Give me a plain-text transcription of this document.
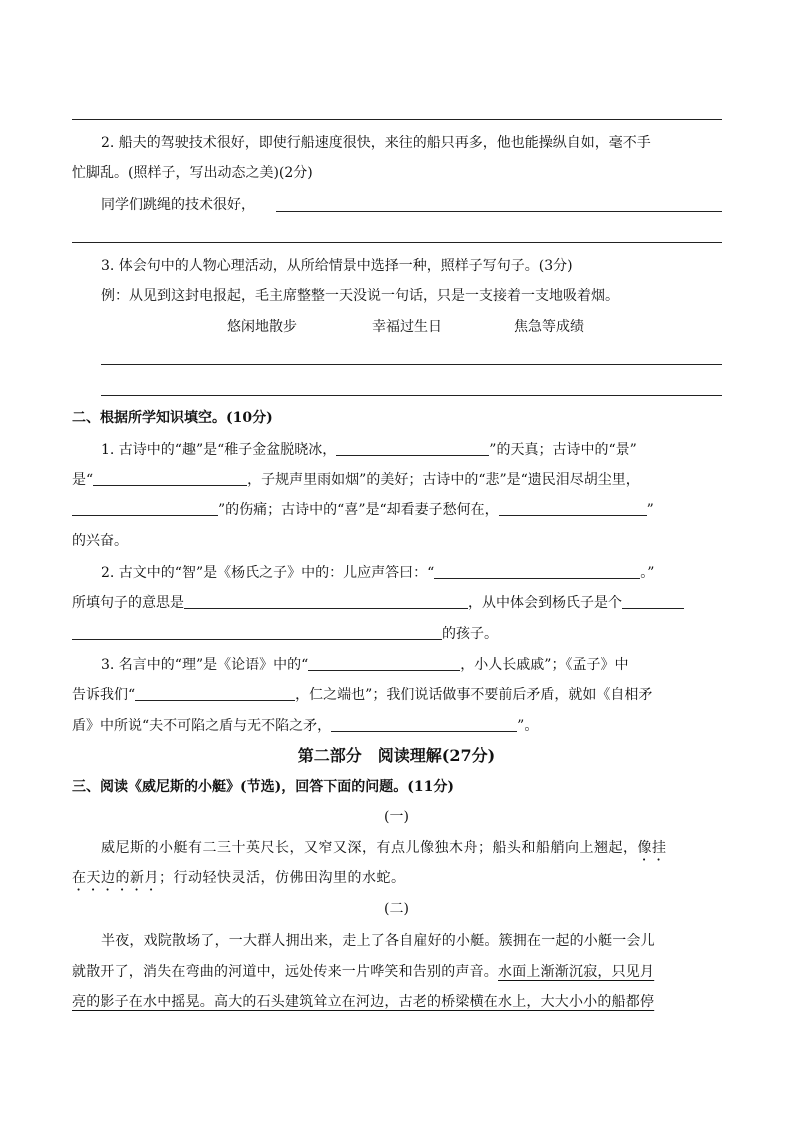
2. 船夫的驾驶技术很好，即使行船速度很快，来往的船只再多，他也能操纵自如，毫不手
忙脚乱。(照样子，写出动态之美)(2分)
同学们跳绳的技术很好，
3. 体会句中的人物心理活动，从所给情景中选择一种，照样子写句子。(3分)
例：从见到这封电报起，毛主席整整一天没说一句话，只是一支接着一支地吸着烟。
悠闲地散步	幸福过生日	焦急等成绩
二、根据所学知识填空。(10分)
1. 古诗中的“趣”是“稚子金盆脱晓冰，	”的天真；古诗中的“景”
是“	，子规声里雨如烟”的美好；古诗中的“悲”是“遗民泪尽胡尘里，
”的伤痛；古诗中的“喜”是“却看妻子愁何在，	”
的兴奋。
2. 古文中的“智”是《杨氏之子》中的：儿应声答曰：“	。”
所填句子的意思是	，从中体会到杨氏子是个
的孩子。
3. 名言中的“理”是《论语》中的“	，小人长戚戚”；《孟子》中
告诉我们“	，仁之端也”；我们说话做事不要前后矛盾，就如《自相矛
盾》中所说“夫不可陷之盾与无不陷之矛，	”。
第二部分　阅读理解(27分)
三、阅读《威尼斯的小艇》(节选)，回答下面的问题。(11分)
(一)
威尼斯的小艇有二三十英尺长，又窄又深，有点儿像独木舟；船头和船艄向上翘起，像挂
在天边的新月；行动轻快灵活，仿佛田沟里的水蛇。
(二)
半夜，戏院散场了，一大群人拥出来，走上了各自雇好的小艇。簇拥在一起的小艇一会儿
就散开了，消失在弯曲的河道中，远处传来一片哗笑和告别的声音。水面上渐渐沉寂，只见月
亮的影子在水中摇晃。高大的石头建筑耸立在河边，古老的桥梁横在水上，大大小小的船都停
